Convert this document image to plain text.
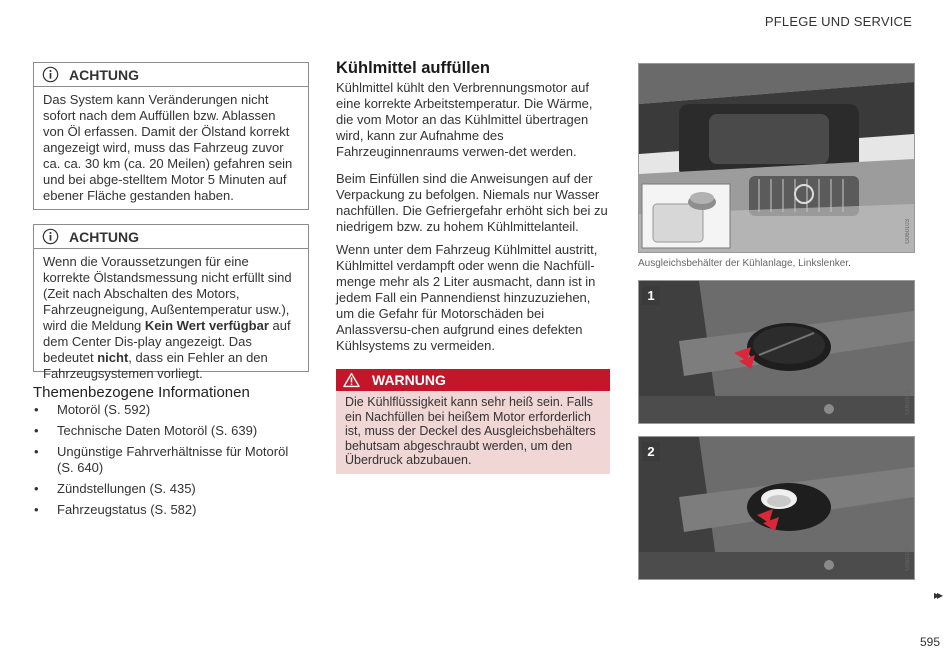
PFLEGE UND SERVICE
ACHTUNG
Das System kann Veränderungen nicht sofort nach dem Auffüllen bzw. Ablassen von Öl erfassen. Damit der Ölstand korrekt angezeigt wird, muss das Fahrzeug zuvor ca. ca. 30 km (ca. 20 Meilen) gefahren sein und bei abge-stelltem Motor 5 Minuten auf ebener Fläche gestanden haben.
ACHTUNG
Wenn die Voraussetzungen für eine korrekte Ölstandsmessung nicht erfüllt sind (Zeit nach Abschalten des Motors, Fahrzeugneigung, Außentemperatur usw.), wird die Meldung Kein Wert verfügbar auf dem Center Dis-play angezeigt. Das bedeutet nicht, dass ein Fehler an den Fahrzeugsystemen vorliegt.
Themenbezogene Informationen
• Motoröl (S. 592)
• Technische Daten Motoröl (S. 639)
• Ungünstige Fahrverhältnisse für Motoröl (S. 640)
• Zündstellungen (S. 435)
• Fahrzeugstatus (S. 582)
Kühlmittel auffüllen

Kühlmittel kühlt den Verbrennungsmotor auf eine korrekte Arbeitstemperatur. Die Wärme, die vom Motor an das Kühlmittel übertragen wird, kann zur Aufnahme des Fahrzeuginnenraums verwen-det werden.

Beim Einfüllen sind die Anweisungen auf der Verpackung zu befolgen. Niemals nur Wasser nachfüllen. Die Gefriergefahr erhöht sich bei zu niedrigem bzw. zu hohem Kühlmittelanteil.

Wenn unter dem Fahrzeug Kühlmittel austritt, Kühlmittel verdampft oder wenn die Nachfüll-menge mehr als 2 Liter ausmacht, dann ist in jedem Fall ein Pannendienst hinzuzuziehen, um die Gefahr für Motorschäden bei Anlassversu-chen aufgrund eines defekten Kühlsystems zu vermeiden.

WARNUNG
Die Kühlflüssigkeit kann sehr heiß sein. Falls ein Nachfüllen bei heißem Motor erforderlich ist, muss der Deckel des Ausgleichsbehälters behutsam abgeschraubt werden, um den Überdruck abzubauen.
G060103
Ausgleichsbehälter der Kühlanlage, Linkslenker.
1
G060101
2
G060105
▸▸
595
